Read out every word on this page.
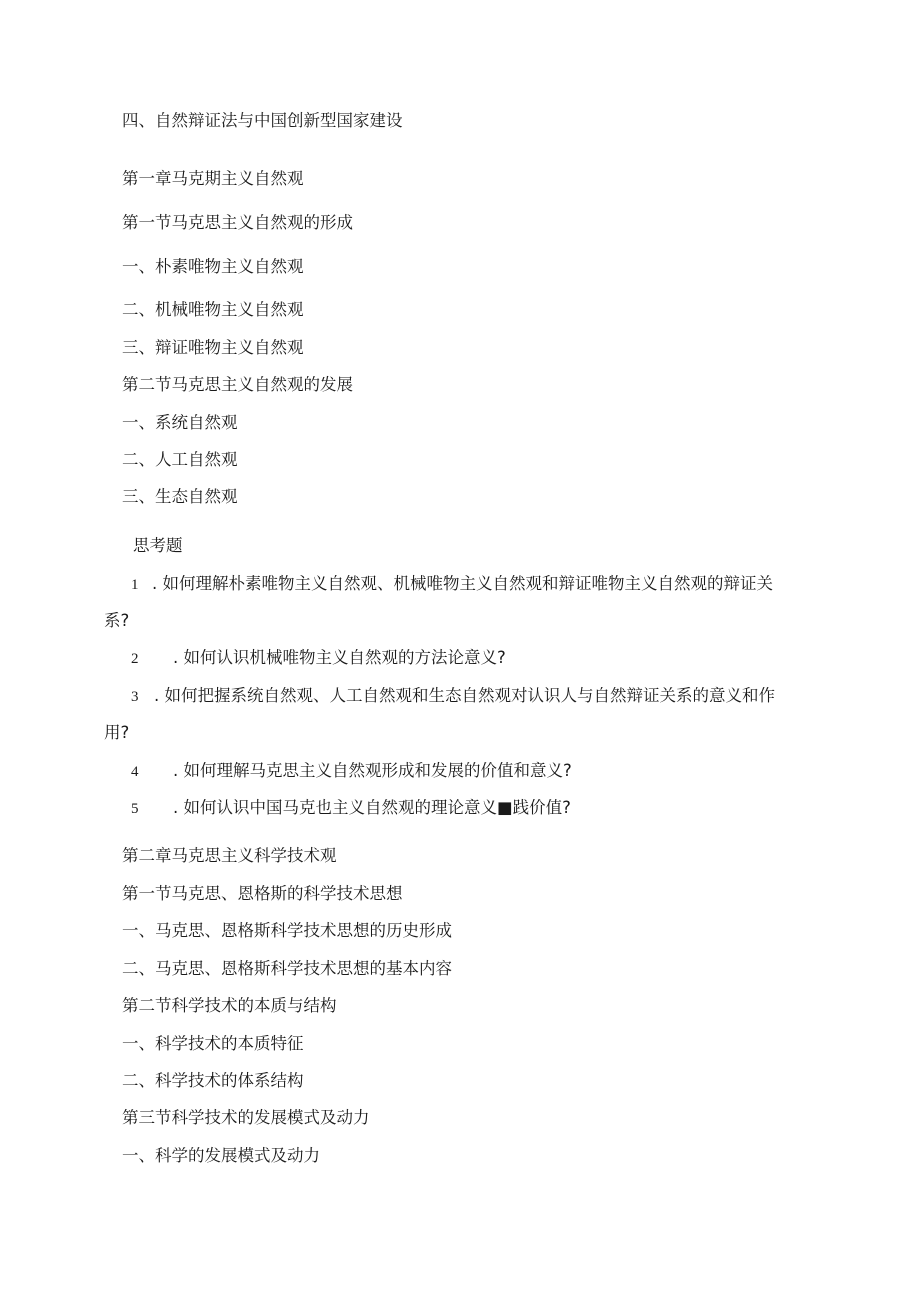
四、自然辩证法与中国创新型国家建设
第一章马克期主义自然观
第一节马克思主义自然观的形成
一、朴素唯物主义自然观
二、机械唯物主义自然观
三、辩证唯物主义自然观
第二节马克思主义自然观的发展
一、系统自然观
二、人工自然观
三、生态自然观
思考题
1 . 如何理解朴素唯物主义自然观、机械唯物主义自然观和辩证唯物主义自然观的辩证关
系?
2 . 如何认识机械唯物主义自然观的方法论意义?
3 . 如何把握系统自然观、人工自然观和生态自然观对认识人与自然辩证关系的意义和作
用?
4 . 如何理解马克思主义自然观形成和发展的价值和意义?
5 . 如何认识中国马克也主义自然观的理论意义■践价值?
第二章马克思主义科学技术观
第一节马克思、恩格斯的科学技术思想
一、马克思、恩格斯科学技术思想的历史形成
二、马克思、恩格斯科学技术思想的基本内容
第二节科学技术的本质与结构
一、科学技术的本质特征
二、科学技术的体系结构
第三节科学技术的发展模式及动力
一、科学的发展模式及动力
